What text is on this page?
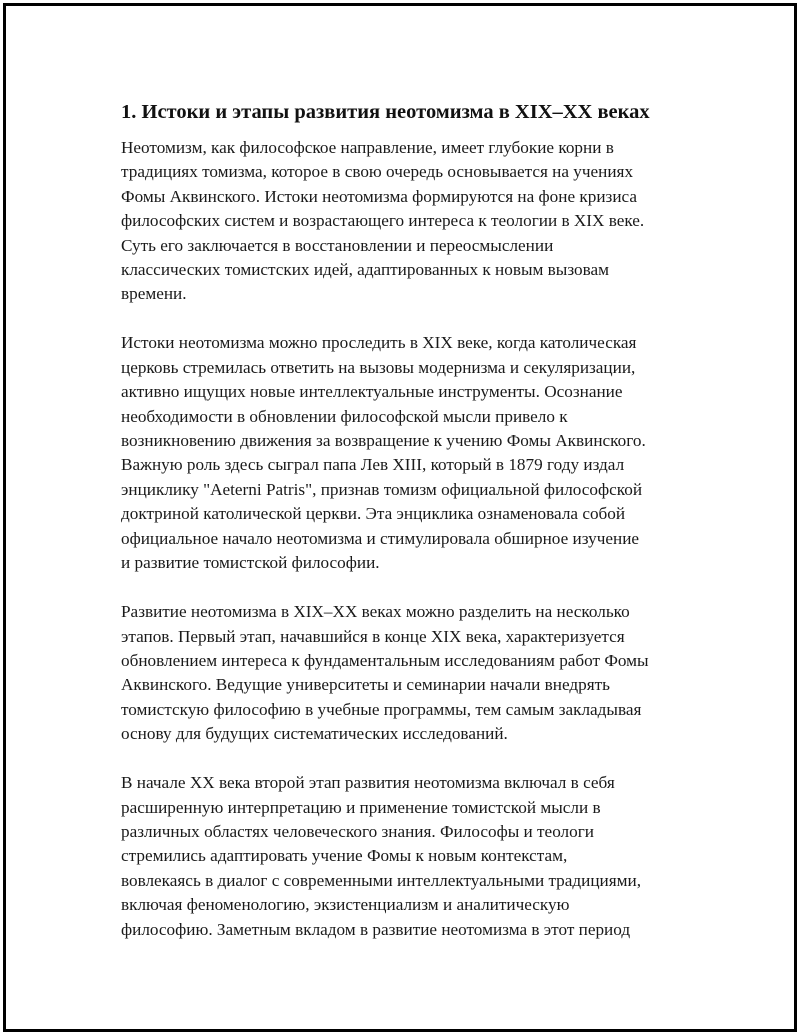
1. Истоки и этапы развития неотомизма в XIX–XX веках

Неотомизм, как философское направление, имеет глубокие корни в
традициях томизма, которое в свою очередь основывается на учениях
Фомы Аквинского. Истоки неотомизма формируются на фоне кризиса
философских систем и возрастающего интереса к теологии в XIX веке.
Суть его заключается в восстановлении и переосмыслении
классических томистских идей, адаптированных к новым вызовам
времени.

Истоки неотомизма можно проследить в XIX веке, когда католическая
церковь стремилась ответить на вызовы модернизма и секуляризации,
активно ищущих новые интеллектуальные инструменты. Осознание
необходимости в обновлении философской мысли привело к
возникновению движения за возвращение к учению Фомы Аквинского.
Важную роль здесь сыграл папа Лев XIII, который в 1879 году издал
энциклику "Aeterni Patris", признав томизм официальной философской
доктриной католической церкви. Эта энциклика ознаменовала собой
официальное начало неотомизма и стимулировала обширное изучение
и развитие томистской философии.

Развитие неотомизма в XIX–XX веках можно разделить на несколько
этапов. Первый этап, начавшийся в конце XIX века, характеризуется
обновлением интереса к фундаментальным исследованиям работ Фомы
Аквинского. Ведущие университеты и семинарии начали внедрять
томистскую философию в учебные программы, тем самым закладывая
основу для будущих систематических исследований.

В начале XX века второй этап развития неотомизма включал в себя
расширенную интерпретацию и применение томистской мысли в
различных областях человеческого знания. Философы и теологи
стремились адаптировать учение Фомы к новым контекстам,
вовлекаясь в диалог с современными интеллектуальными традициями,
включая феноменологию, экзистенциализм и аналитическую
философию. Заметным вкладом в развитие неотомизма в этот период
